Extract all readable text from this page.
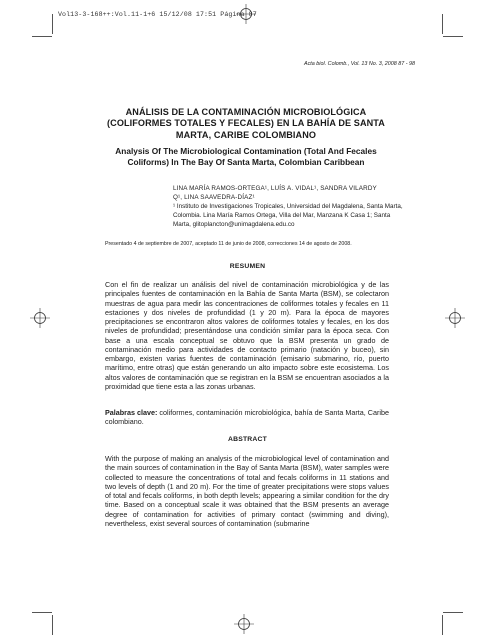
Vol13-3-168++:Vol.11-1+6 15/12/08 17:51 Página 87
Acta biol. Colomb., Vol. 13 No. 3, 2008 87 - 98
ANÁLISIS DE LA CONTAMINACIÓN MICROBIOLÓGICA (COLIFORMES TOTALES Y FECALES) EN LA BAHÍA DE SANTA MARTA, CARIBE COLOMBIANO
Analysis Of The Microbiological Contamination (Total And Fecales Coliforms) In The Bay Of Santa Marta, Colombian Caribbean
LINA MARÍA RAMOS-ORTEGA¹, LUÍS A. VIDAL¹, SANDRA VILARDY
Q¹, LINA SAAVEDRA-DÍAZ¹
¹ Instituto de Investigaciones Tropicales, Universidad del Magdalena, Santa Marta, Colombia. Lina María Ramos Ortega, Villa del Mar, Manzana K Casa 1; Santa Marta, glitoplancton@unimagdalena.edu.co
Presentado 4 de septiembre de 2007, aceptado 11 de junio de 2008, correcciones 14 de agosto de 2008.
RESUMEN
Con el fin de realizar un análisis del nivel de contaminación microbiológica y de las principales fuentes de contaminación en la Bahía de Santa Marta (BSM), se colectaron muestras de agua para medir las concentraciones de coliformes totales y fecales en 11 estaciones y dos niveles de profundidad (1 y 20 m). Para la época de mayores precipitaciones se encontraron altos valores de coliformes totales y fecales, en los dos niveles de profundidad; presentándose una condición similar para la época seca. Con base a una escala conceptual se obtuvo que la BSM presenta un grado de contaminación medio para actividades de contacto primario (natación y buceo), sin embargo, existen varias fuentes de contaminación (emisario submarino, río, puerto marítimo, entre otras) que están generando un alto impacto sobre este ecosistema. Los altos valores de contaminación que se registran en la BSM se encuentran asociados a la proximidad que tiene esta a las zonas urbanas.
Palabras clave: coliformes, contaminación microbiológica, bahía de Santa Marta, Caribe colombiano.
ABSTRACT
With the purpose of making an analysis of the microbiological level of contamination and the main sources of contamination in the Bay of Santa Marta (BSM), water samples were collected to measure the concentrations of total and fecals coliforms in 11 stations and two levels of depth (1 and 20 m). For the time of greater precipitations were stops values of total and fecals coliforms, in both depth levels; appearing a similar condition for the dry time. Based on a conceptual scale it was obtained that the BSM presents an average degree of contamination for activities of primary contact (swimming and diving), nevertheless, exist several sources of contamination (submarine
